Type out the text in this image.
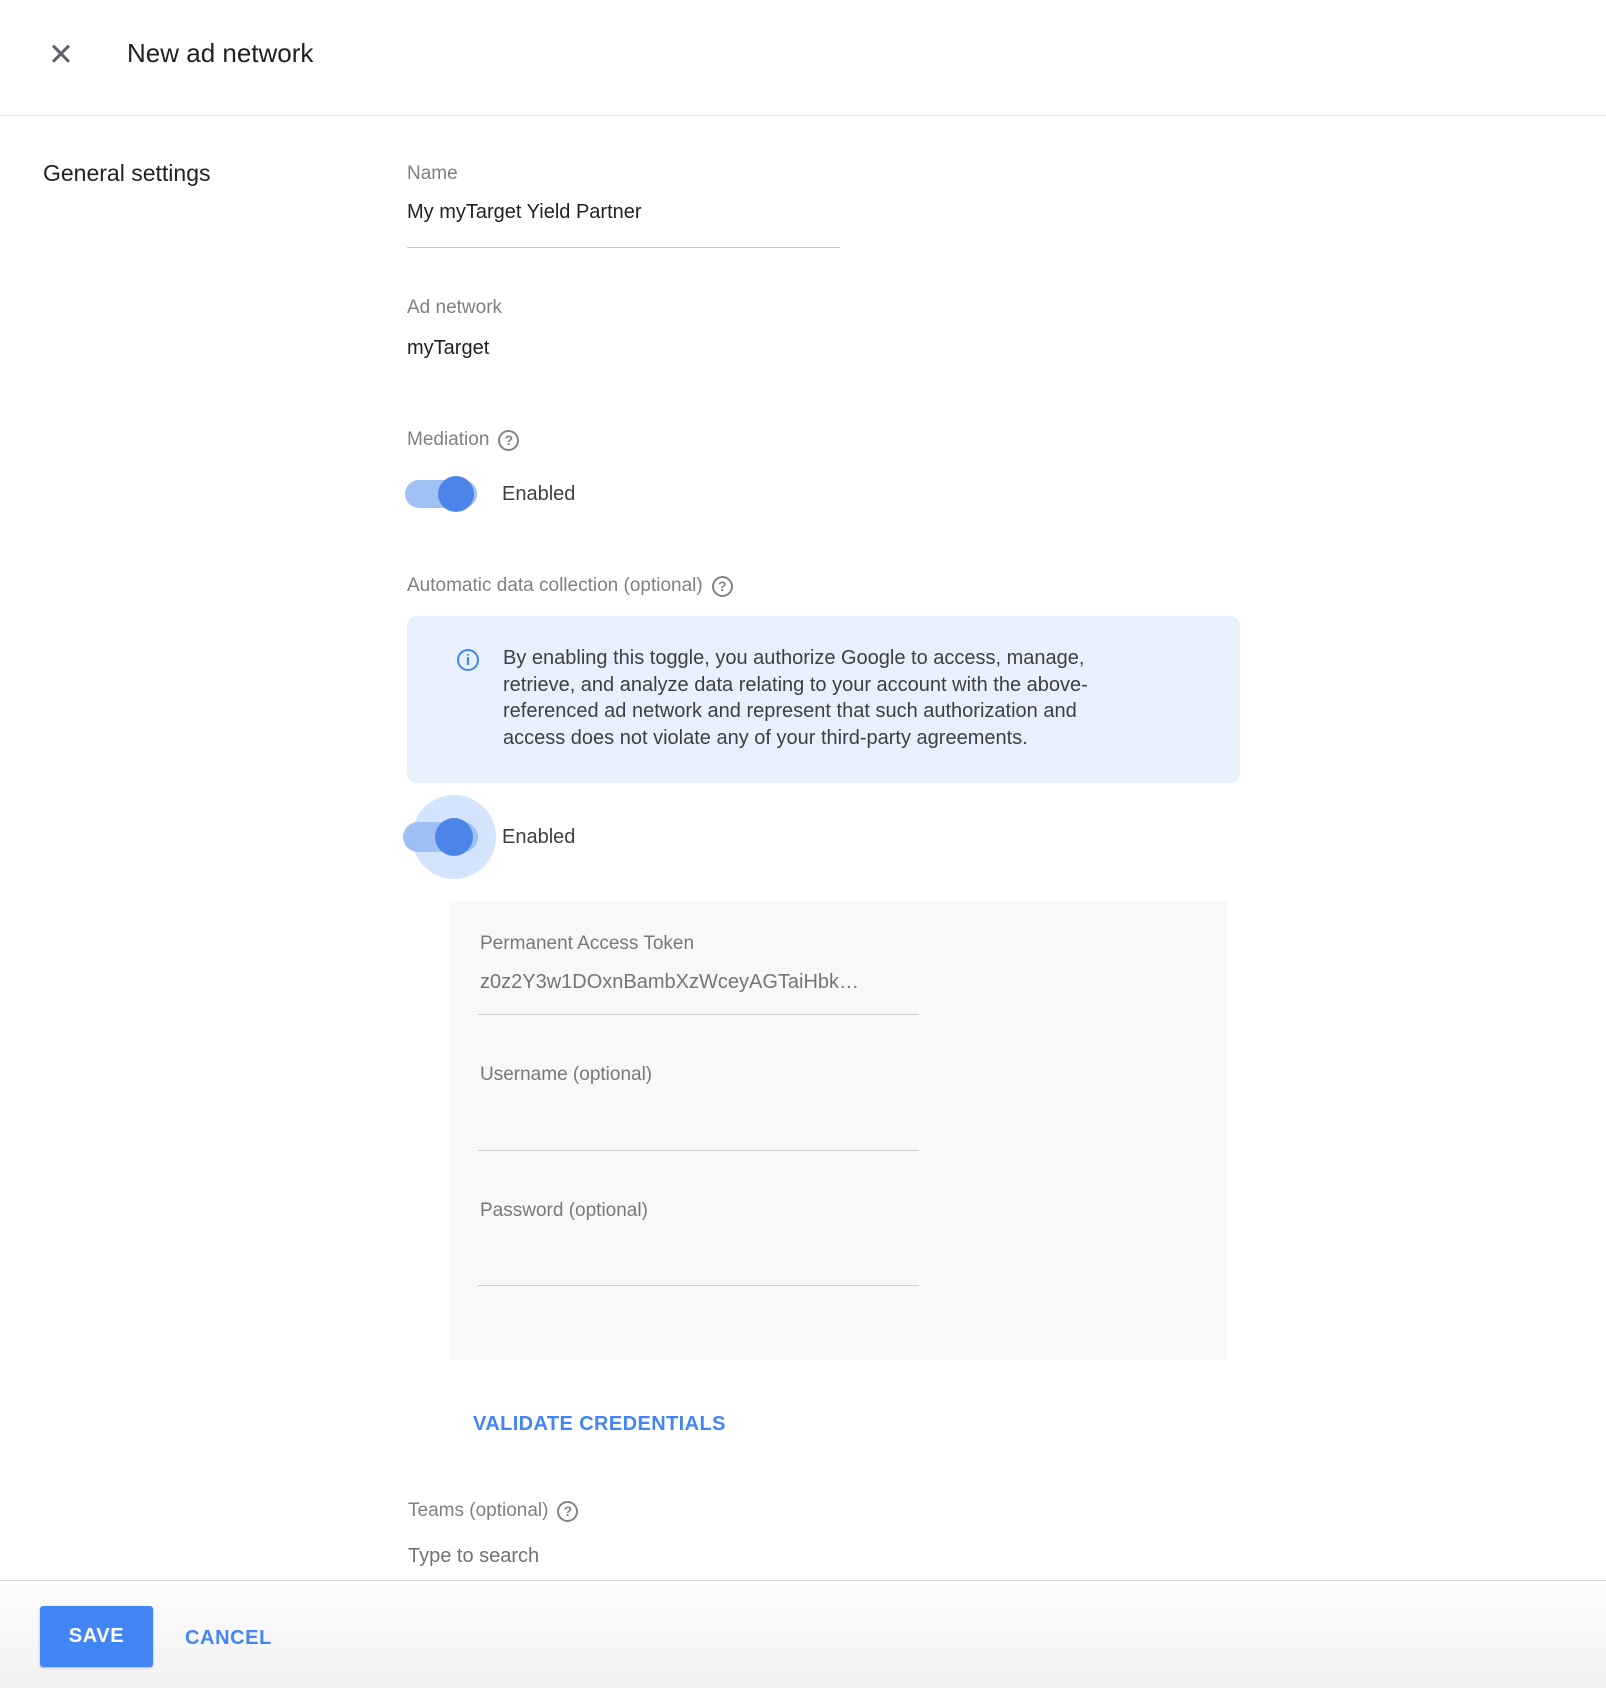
✕ New ad network
General settings	Name
My myTarget Yield Partner
Ad network
myTarget
Mediation	?
Enabled
Automatic data collection (optional)	?
i	By enabling this toggle, you authorize Google to access, manage,
retrieve, and analyze data relating to your account with the above-
referenced ad network and represent that such authorization and
access does not violate any of your third-party agreements.
Enabled
Permanent Access Token
z0z2Y3w1DOxnBambXzWceyAGTaiHbk…
Username (optional)
Password (optional)
VALIDATE CREDENTIALS
Teams (optional)	?
Type to search
SAVE	CANCEL
